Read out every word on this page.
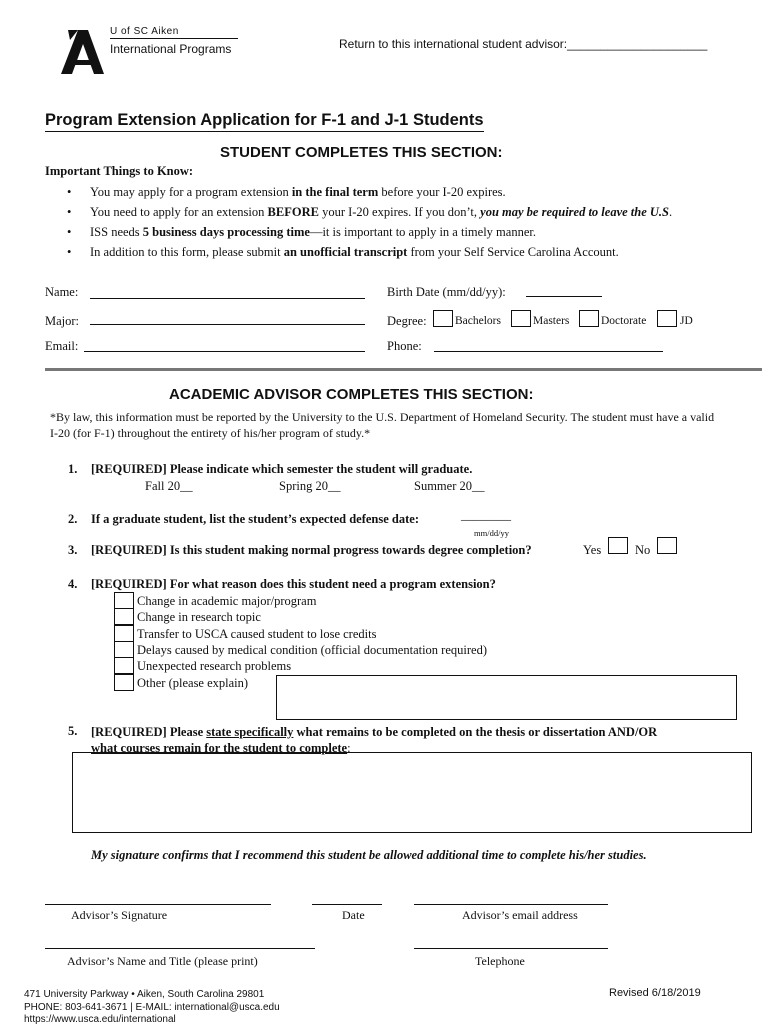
U of SC Aiken
International Programs	Return to this international student advisor:_____________________
Program Extension Application for F-1 and J-1 Students
STUDENT COMPLETES THIS SECTION:
Important Things to Know:
• You may apply for a program extension in the final term before your I-20 expires.
• You need to apply for an extension BEFORE your I-20 expires. If you don’t, you may be required to leave the U.S.
• ISS needs 5 business days processing time—it is important to apply in a timely manner.
• In addition to this form, please submit an unofficial transcript from your Self Service Carolina Account.
Name:	Birth Date (mm/dd/yy):
Major:	Degree: Bachelors	Masters	Doctorate	JD
Email:	Phone:
ACADEMIC ADVISOR COMPLETES THIS SECTION:
*By law, this information must be reported by the University to the U.S. Department of Homeland Security. The student must have a valid I-20 (for F-1) throughout the entirety of his/her program of study.*
1. [REQUIRED] Please indicate which semester the student will graduate.
Fall 20__	Spring 20__	Summer 20__
2. If a graduate student, list the student’s expected defense date:	________
mm/dd/yy
3. [REQUIRED] Is this student making normal progress towards degree completion?	Yes	No
4. [REQUIRED] For what reason does this student need a program extension?
Change in academic major/program
Change in research topic
Transfer to USCA caused student to lose credits
Delays caused by medical condition (official documentation required)
Unexpected research problems
Other (please explain)
5. [REQUIRED] Please state specifically what remains to be completed on the thesis or dissertation AND/OR
what courses remain for the student to complete:
My signature confirms that I recommend this student be allowed additional time to complete his/her studies.
Advisor’s Signature	Date	Advisor’s email address
Advisor’s Name and Title (please print)	Telephone
471 University Parkway • Aiken, South Carolina 29801
PHONE: 803-641-3671 | E-MAIL: international@usca.edu
https://www.usca.edu/international
Revised 6/18/2019
